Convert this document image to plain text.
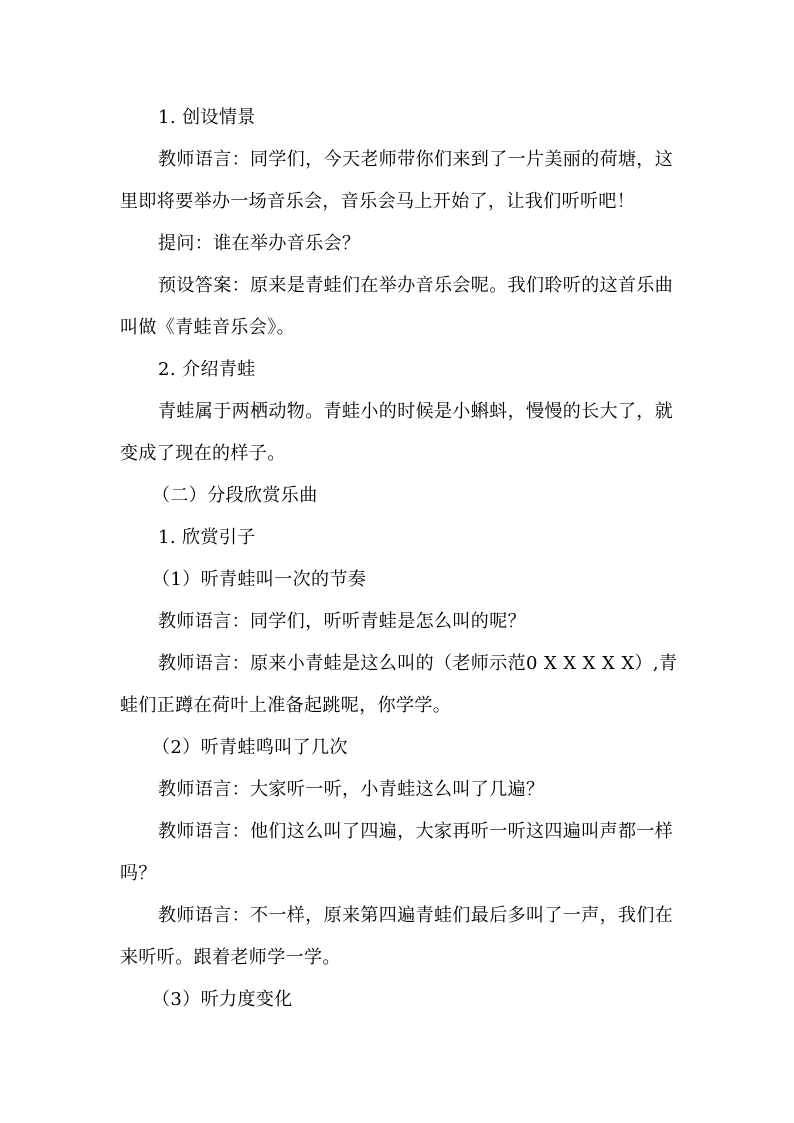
1. 创设情景
教师语言：同学们，今天老师带你们来到了一片美丽的荷塘，这
里即将要举办一场音乐会，音乐会马上开始了，让我们听听吧！
提问：谁在举办音乐会？
预设答案：原来是青蛙们在举办音乐会呢。我们聆听的这首乐曲
叫做《青蛙音乐会》。
2. 介绍青蛙
青蛙属于两栖动物。青蛙小的时候是小蝌蚪，慢慢的长大了，就
变成了现在的样子。
（二）分段欣赏乐曲
1. 欣赏引子
（1）听青蛙叫一次的节奏
教师语言：同学们，听听青蛙是怎么叫的呢？
教师语言：原来小青蛙是这么叫的（老师示范0 X X X X X）,青
蛙们正蹲在荷叶上准备起跳呢，你学学。
（2）听青蛙鸣叫了几次
教师语言：大家听一听，小青蛙这么叫了几遍？
教师语言：他们这么叫了四遍，大家再听一听这四遍叫声都一样
吗？
教师语言：不一样，原来第四遍青蛙们最后多叫了一声，我们在
来听听。跟着老师学一学。
（3）听力度变化
